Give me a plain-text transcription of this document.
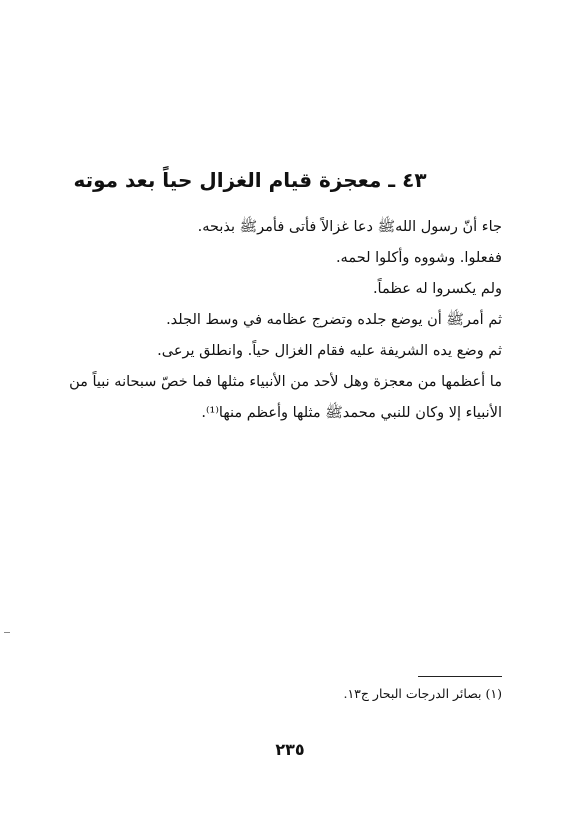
٤٣ ـ معجزة قيام الغزال حياً بعد موته

جاء أنّ رسول اللهﷺ دعا غزالاً فأتى فأمرﷺ بذبحه.

ففعلوا. وشووه وأكلوا لحمه.

ولم يكسروا له عظماً.

ثم أمرﷺ أن يوضع جلده وتضرج عظامه في وسط الجلد.

ثم وضع يده الشريفة عليه فقام الغزال حياً. وانطلق يرعى.

ما أعظمها من معجزة وهل لأحد من الأنبياء مثلها فما خصّ سبحانه نبياً من الأنبياء إلا وكان للنبي محمدﷺ مثلها وأعظم منها⁽¹⁾.

(١) بصائر الدرجات البحار ج١٣.
٢٣٥
